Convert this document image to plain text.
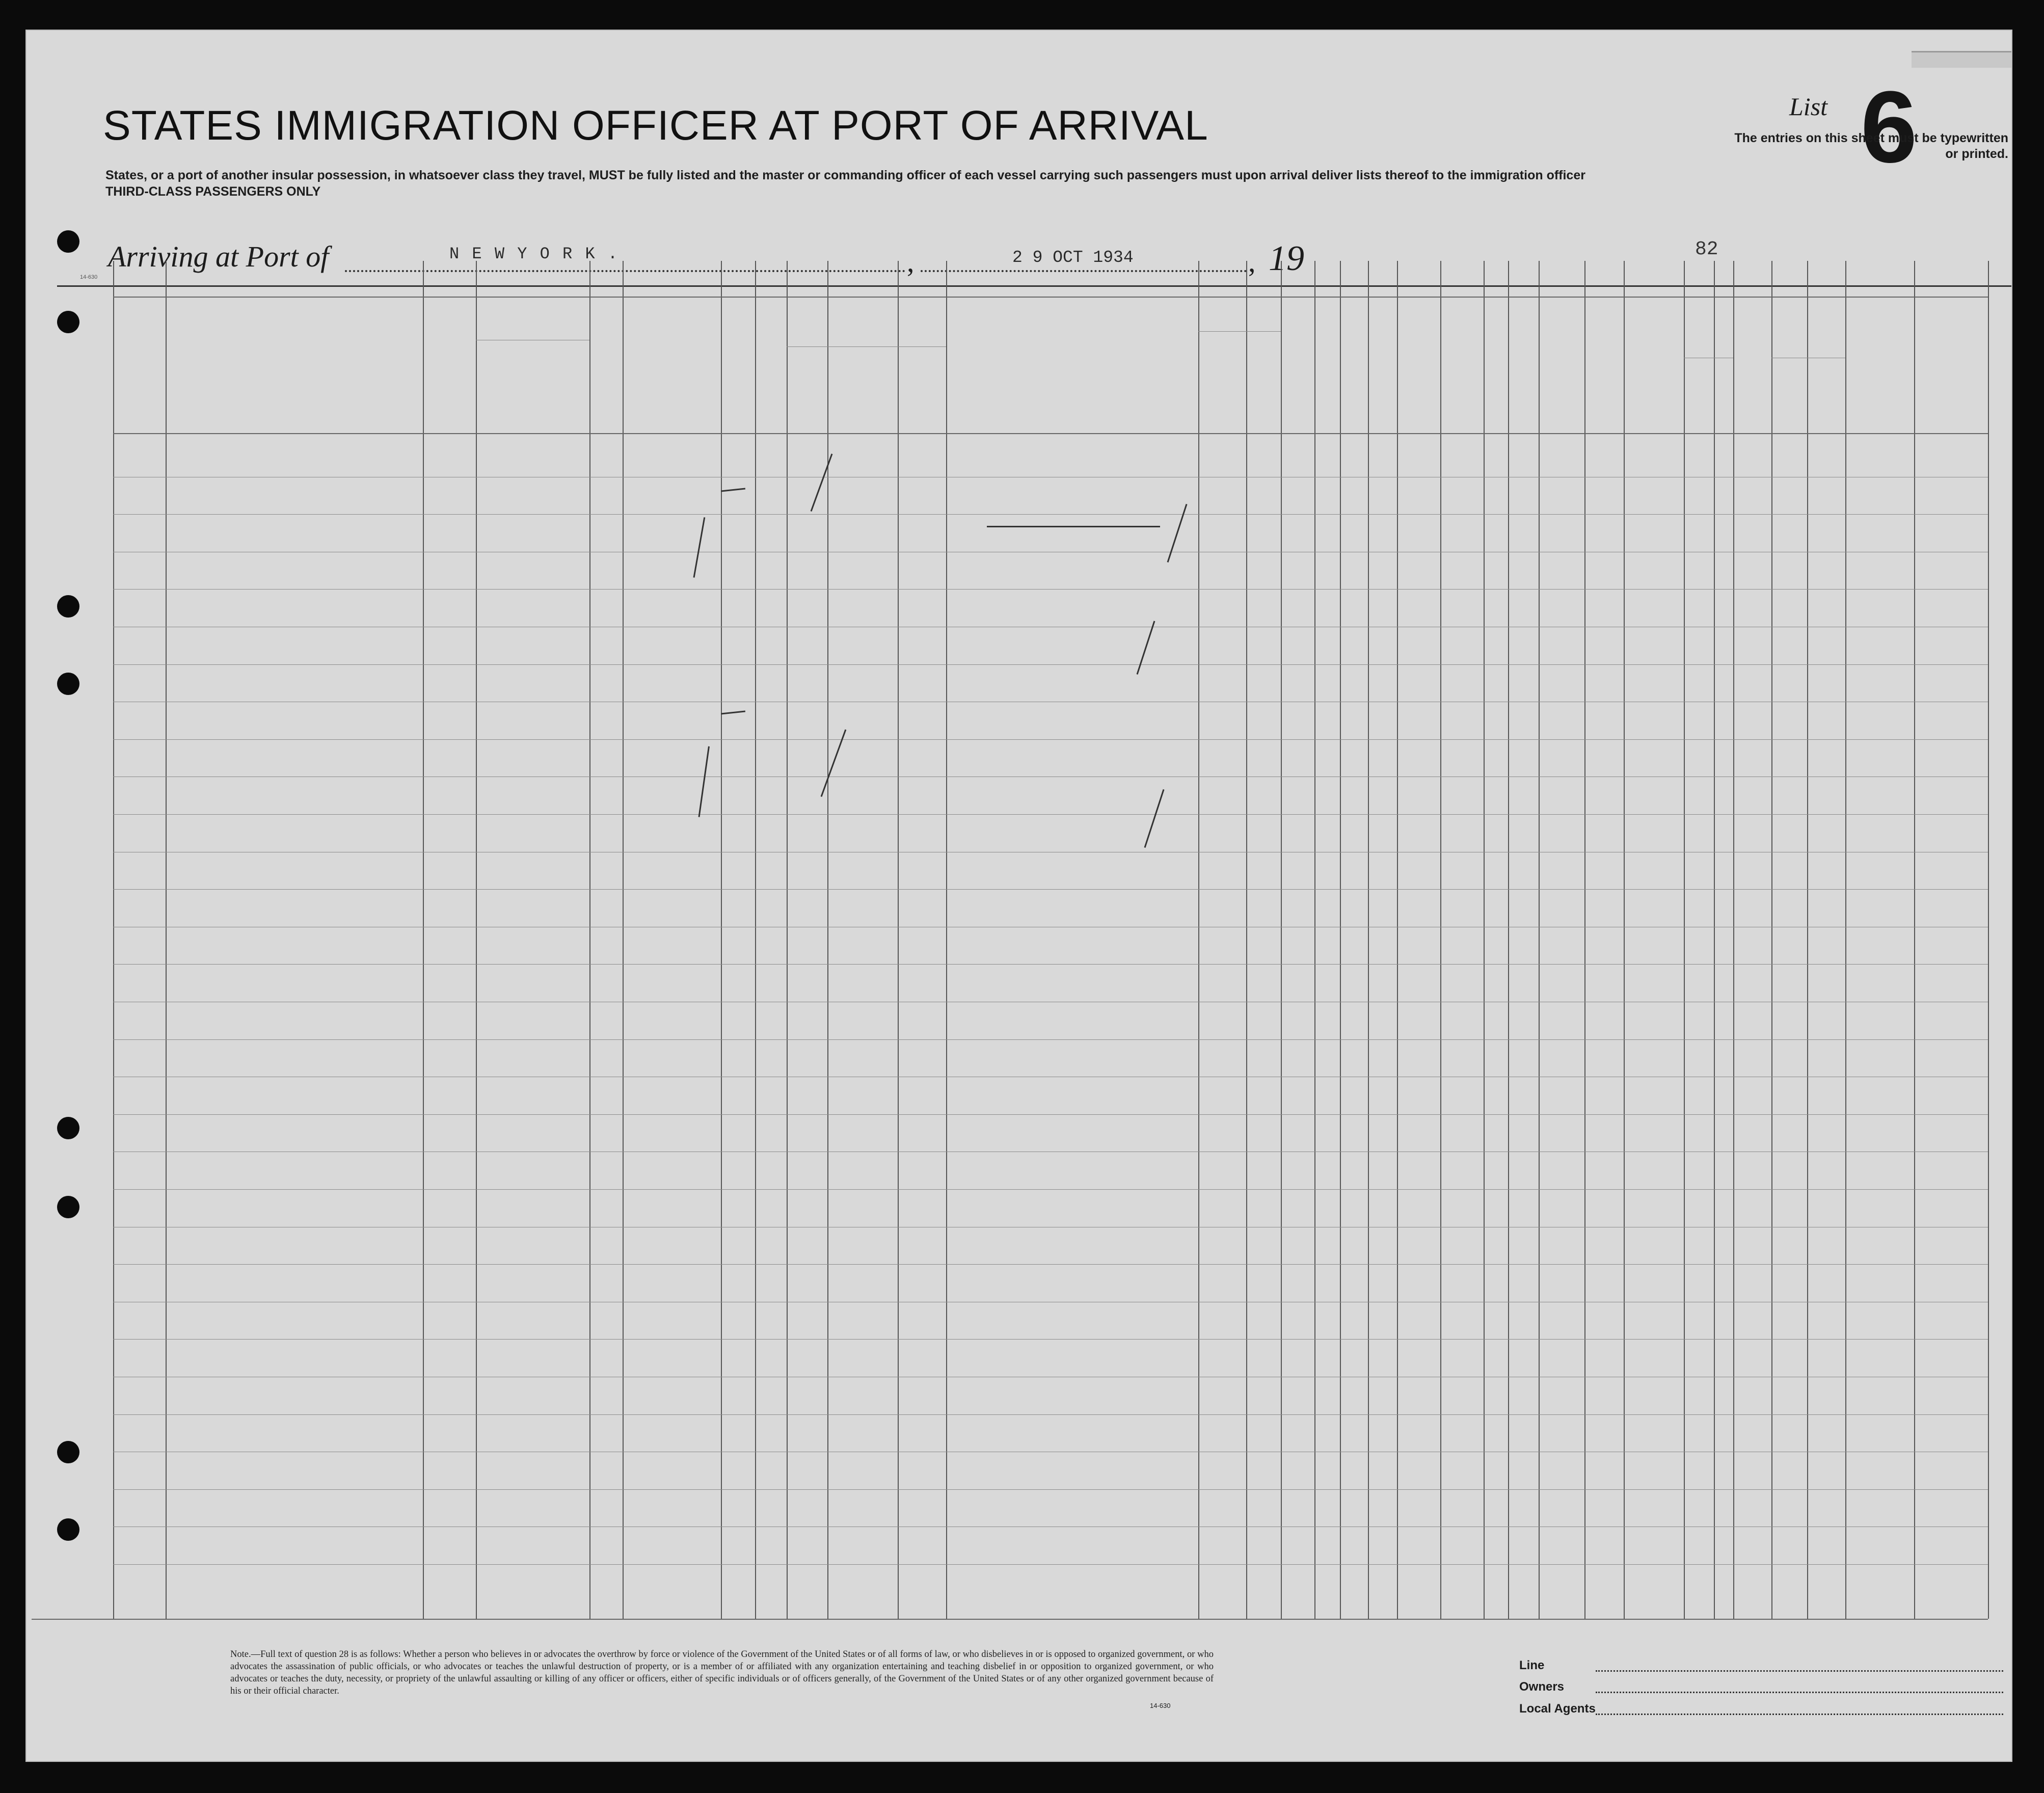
List 6
The entries on this sheet must be typewritten or printed.
STATES IMMIGRATION OFFICER AT PORT OF ARRIVAL
States, or a port of another insular possession, in whatsoever class they travel, MUST be fully listed and the master or commanding officer of each vessel carrying such passengers must upon arrival deliver lists thereof to the immigration officer
THIRD-CLASS PASSENGERS ONLY
82
Arriving at Port of	N E W Y O R K .	,	2 9 OCT 1934	, 19
14-630
Note.—Full text of question 28 is as follows: Whether a person who believes in or advocates the overthrow by force or violence of the Government of the United States or of all forms of law, or who disbelieves in or is opposed to organized government, or who advocates the assassination of public officials, or who advocates or teaches the unlawful destruction of property, or is a member of or affiliated with any organization entertaining and teaching disbelief in or opposition to organized government, or who advocates or teaches the duty, necessity, or propriety of the unlawful assaulting or killing of any officer or officers, either of specific individuals or of officers generally, of the Government of the United States or of any other organized government because of his or their official character.
14-630
Line
Owners
Local Agents
